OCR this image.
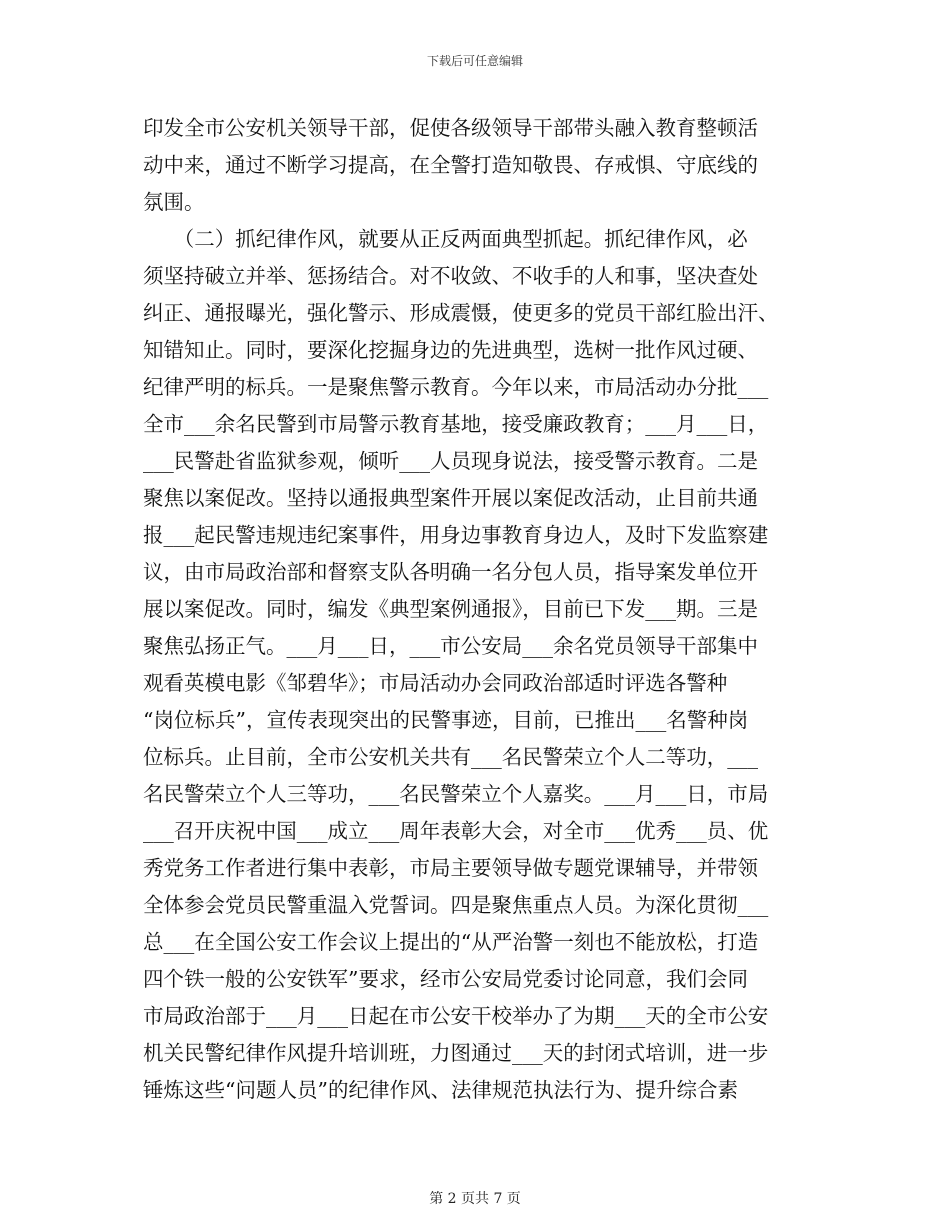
下载后可任意编辑
印发全市公安机关领导干部，促使各级领导干部带头融入教育整顿活
动中来，通过不断学习提高，在全警打造知敬畏、存戒惧、守底线的
氛围。
　　（二）抓纪律作风，就要从正反两面典型抓起。抓纪律作风，必
须坚持破立并举、惩扬结合。对不收敛、不收手的人和事，坚决查处
纠正、通报曝光，强化警示、形成震慑，使更多的党员干部红脸出汗、
知错知止。同时，要深化挖掘身边的先进典型，选树一批作风过硬、
纪律严明的标兵。一是聚焦警示教育。今年以来，市局活动办分批___
全市___余名民警到市局警示教育基地，接受廉政教育；___月___日，
___民警赴省监狱参观，倾听___人员现身说法，接受警示教育。二是
聚焦以案促改。坚持以通报典型案件开展以案促改活动，止目前共通
报___起民警违规违纪案事件，用身边事教育身边人，及时下发监察建
议，由市局政治部和督察支队各明确一名分包人员，指导案发单位开
展以案促改。同时，编发《典型案例通报》，目前已下发___期。三是
聚焦弘扬正气。___月___日，___市公安局___余名党员领导干部集中
观看英模电影《邹碧华》；市局活动办会同政治部适时评选各警种
“岗位标兵”，宣传表现突出的民警事迹，目前，已推出___名警种岗
位标兵。止目前，全市公安机关共有___名民警荣立个人二等功，___
名民警荣立个人三等功，___名民警荣立个人嘉奖。___月___日，市局
___召开庆祝中国___成立___周年表彰大会，对全市___优秀___员、优
秀党务工作者进行集中表彰，市局主要领导做专题党课辅导，并带领
全体参会党员民警重温入党誓词。四是聚焦重点人员。为深化贯彻___
总___在全国公安工作会议上提出的“从严治警一刻也不能放松，打造
四个铁一般的公安铁军”要求，经市公安局党委讨论同意，我们会同
市局政治部于___月___日起在市公安干校举办了为期___天的全市公安
机关民警纪律作风提升培训班，力图通过___天的封闭式培训，进一步
锤炼这些“问题人员”的纪律作风、法律规范执法行为、提升综合素
第 2 页共 7 页
